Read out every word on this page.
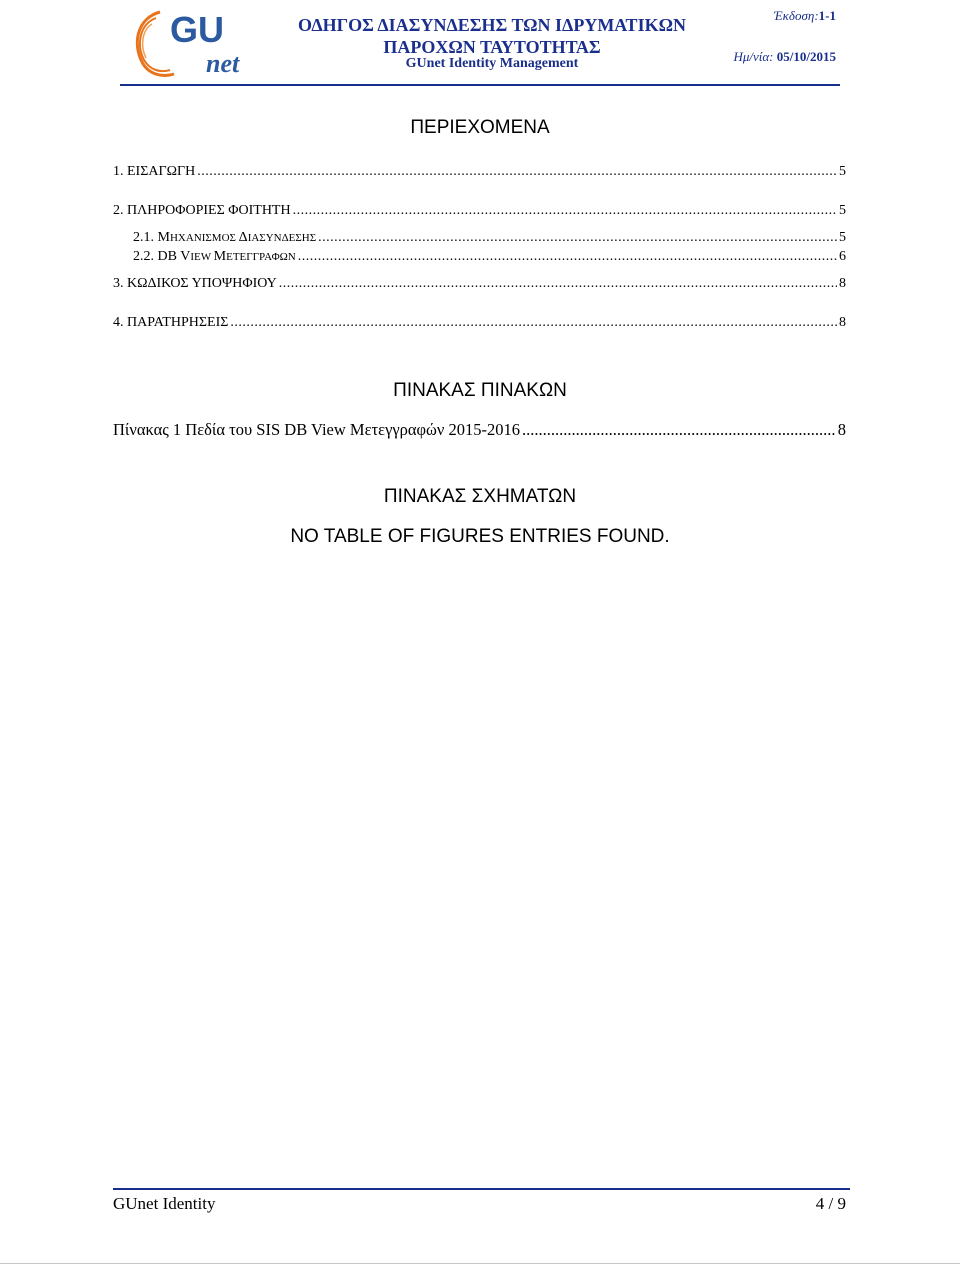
GU
net
ΟΔΗΓΟΣ ΔΙΑΣΥΝΔΕΣΗΣ ΤΩΝ ΙΔΡΥΜΑΤΙΚΩΝ
ΠΑΡΟΧΩΝ ΤΑΥΤΟΤΗΤΑΣ
GUnet Identity Management
Έκδοση:1-1
Ημ/νία: 05/10/2015
ΠΕΡΙΕΧΟΜΕΝΑ
1. ΕΙΣΑΓΩΓΗ .....	5
2. ΠΛΗΡΟΦΟΡΙΕΣ ΦΟΙΤΗΤΗ .....	5
2.1. ΜΗΧΑΝΙΣΜΟΣ ΔΙΑΣΥΝΔΕΣΗΣ .....	5
2.2. DB VIEW ΜΕΤΕΓΓΡΑΦΩΝ .....	6
3. ΚΩΔΙΚΟΣ ΥΠΟΨΗΦΙΟΥ .....	8
4. ΠΑΡΑΤΗΡΗΣΕΙΣ .....	8
ΠΙΝΑΚΑΣ ΠΙΝΑΚΩΝ
Πίνακας 1 Πεδία του SIS DB View Μετεγγραφών 2015-2016 .....	8
ΠΙΝΑΚΑΣ ΣΧΗΜΑΤΩΝ
NO TABLE OF FIGURES ENTRIES FOUND.
GUnet Identity	4 / 9
